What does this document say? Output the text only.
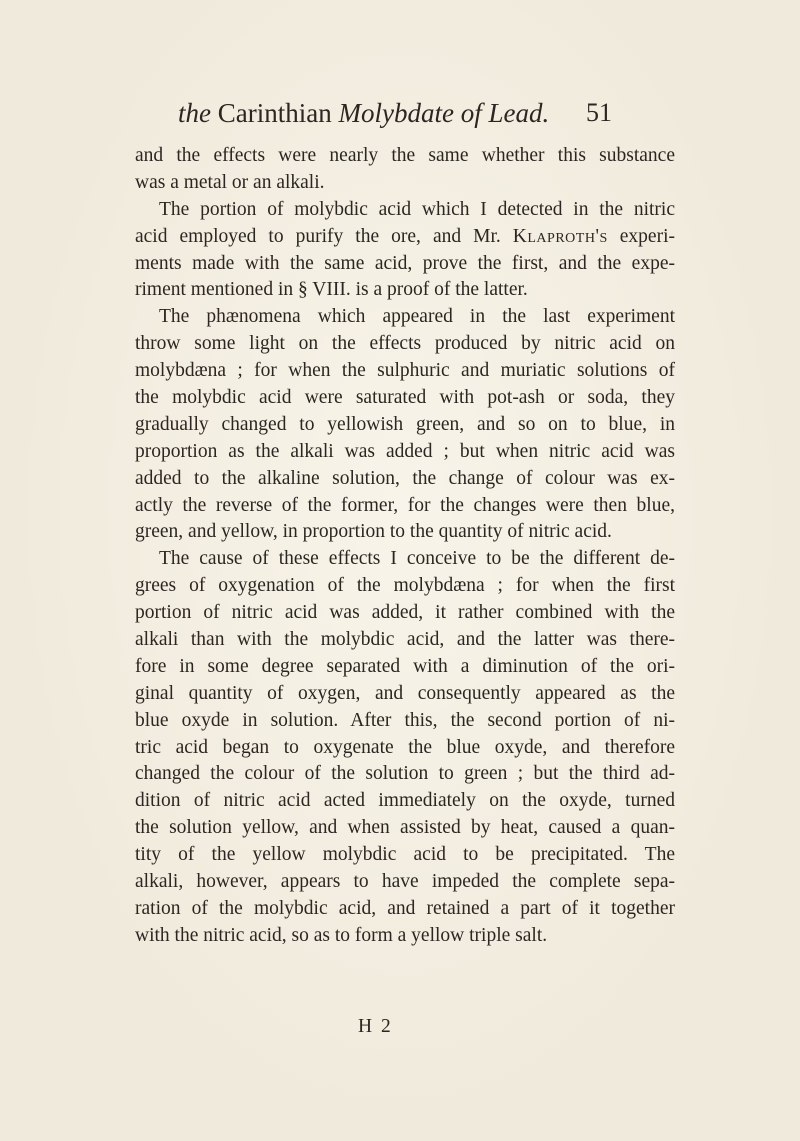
the Carinthian Molybdate of Lead. 51
and the effects were nearly the same whether this substance
was a metal or an alkali.
The portion of molybdic acid which I detected in the nitric
acid employed to purify the ore, and Mr. Klaproth's experi-
ments made with the same acid, prove the first, and the expe-
riment mentioned in § VIII. is a proof of the latter.
The phænomena which appeared in the last experiment
throw some light on the effects produced by nitric acid on
molybdæna ; for when the sulphuric and muriatic solutions of
the molybdic acid were saturated with pot-ash or soda, they
gradually changed to yellowish green, and so on to blue, in
proportion as the alkali was added ; but when nitric acid was
added to the alkaline solution, the change of colour was ex-
actly the reverse of the former, for the changes were then blue,
green, and yellow, in proportion to the quantity of nitric acid.
The cause of these effects I conceive to be the different de-
grees of oxygenation of the molybdæna ; for when the first
portion of nitric acid was added, it rather combined with the
alkali than with the molybdic acid, and the latter was there-
fore in some degree separated with a diminution of the ori-
ginal quantity of oxygen, and consequently appeared as the
blue oxyde in solution. After this, the second portion of ni-
tric acid began to oxygenate the blue oxyde, and therefore
changed the colour of the solution to green ; but the third ad-
dition of nitric acid acted immediately on the oxyde, turned
the solution yellow, and when assisted by heat, caused a quan-
tity of the yellow molybdic acid to be precipitated. The
alkali, however, appears to have impeded the complete sepa-
ration of the molybdic acid, and retained a part of it together
with the nitric acid, so as to form a yellow triple salt.
H 2
